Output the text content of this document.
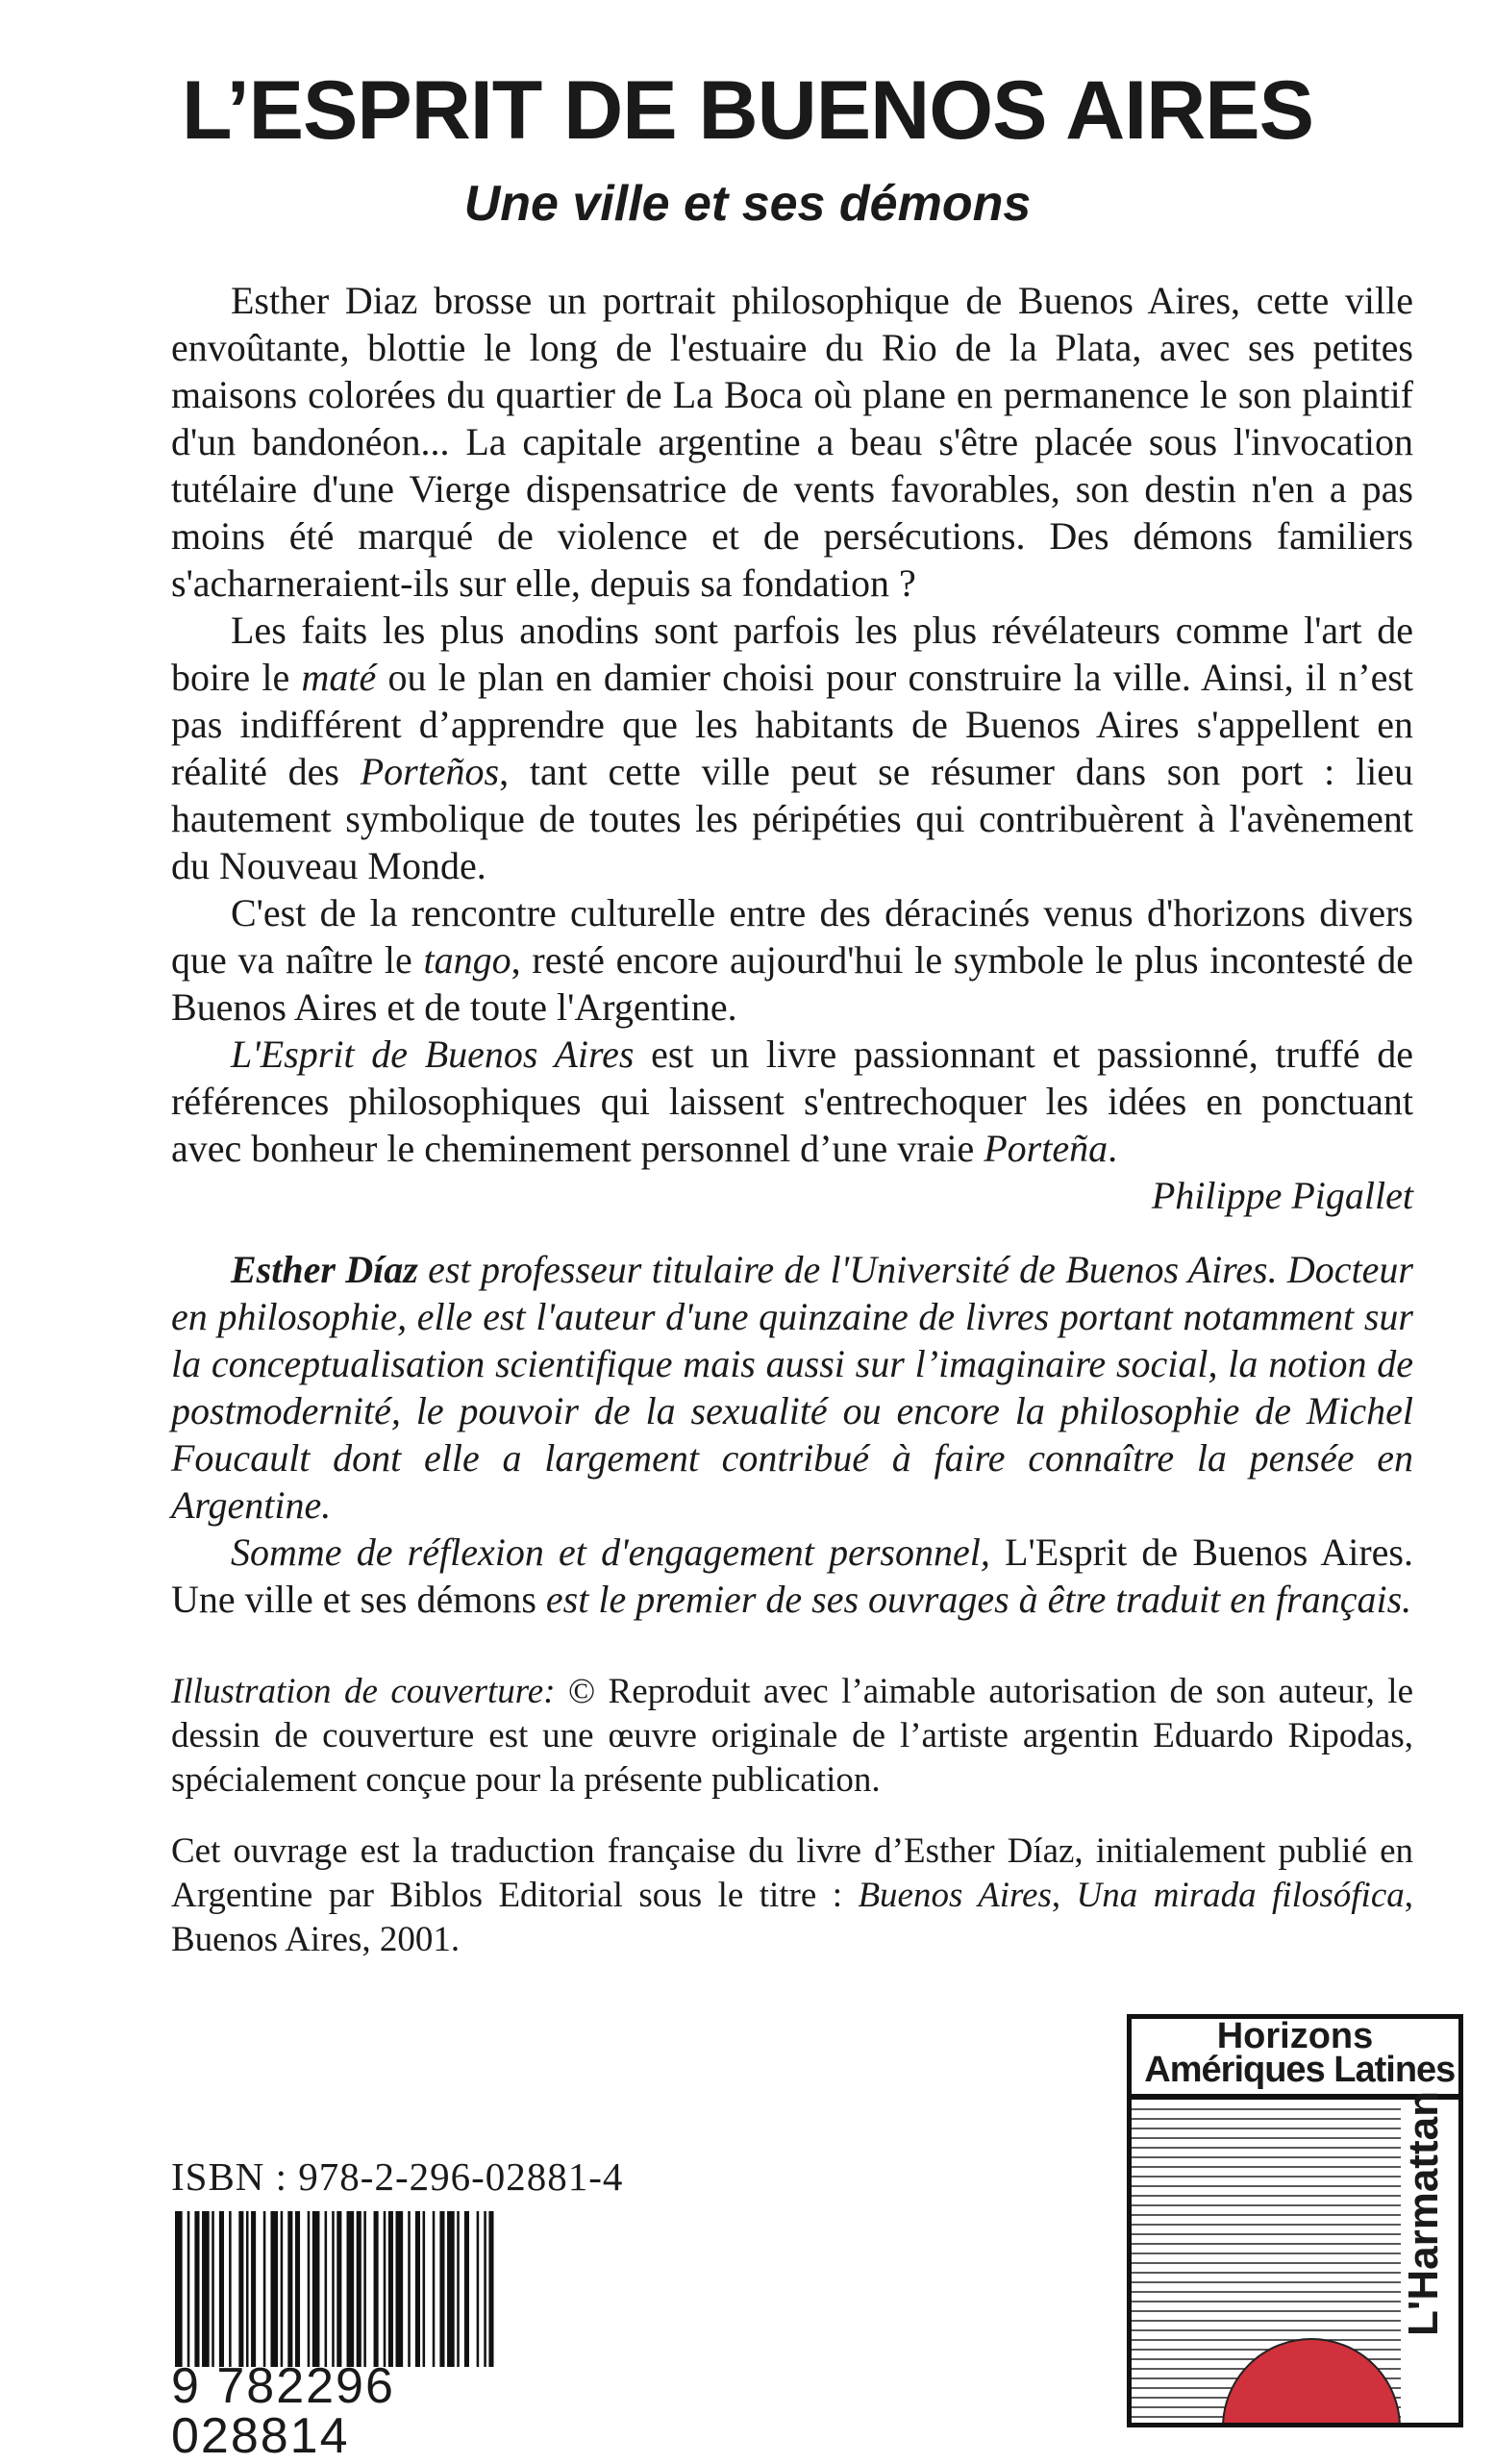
L’ESPRIT DE BUENOS AIRES
Une ville et ses démons

Esther Diaz brosse un portrait philosophique de Buenos Aires, cette ville envoûtante, blottie le long de l'estuaire du Rio de la Plata, avec ses petites maisons colorées du quartier de La Boca où plane en permanence le son plaintif d'un bandonéon... La capitale argentine a beau s'être placée sous l'invocation tutélaire d'une Vierge dispensatrice de vents favorables, son destin n'en a pas moins été marqué de violence et de persécutions. Des démons familiers s'acharneraient-ils sur elle, depuis sa fondation ?

Les faits les plus anodins sont parfois les plus révélateurs comme l'art de boire le maté ou le plan en damier choisi pour construire la ville. Ainsi, il n’est pas indifférent d’apprendre que les habitants de Buenos Aires s'appellent en réalité des Porteños, tant cette ville peut se résumer dans son port : lieu hautement symbolique de toutes les péripéties qui contribuèrent à l'avènement du Nouveau Monde.

C'est de la rencontre culturelle entre des déracinés venus d'horizons divers que va naître le tango, resté encore aujourd'hui le symbole le plus incontesté de Buenos Aires et de toute l'Argentine.

L'Esprit de Buenos Aires est un livre passionnant et passionné, truffé de références philosophiques qui laissent s'entrechoquer les idées en ponctuant avec bonheur le cheminement personnel d’une vraie Porteña.

Philippe Pigallet

Esther Díaz est professeur titulaire de l'Université de Buenos Aires. Docteur en philosophie, elle est l'auteur d'une quinzaine de livres portant notamment sur la conceptualisation scientifique mais aussi sur l’imaginaire social, la notion de postmodernité, le pouvoir de la sexualité ou encore la philosophie de Michel Foucault dont elle a largement contribué à faire connaître la pensée en Argentine.

Somme de réflexion et d'engagement personnel, L'Esprit de Buenos Aires. Une ville et ses démons est le premier de ses ouvrages à être traduit en français.

Illustration de couverture: © Reproduit avec l’aimable autorisation de son auteur, le dessin de couverture est une œuvre originale de l’artiste argentin Eduardo Ripodas, spécialement conçue pour la présente publication.

Cet ouvrage est la traduction française du livre d’Esther Díaz, initialement publié en Argentine par Biblos Editorial sous le titre : Buenos Aires, Una mirada filosófica, Buenos Aires, 2001.

ISBN : 978-2-296-02881-4

9 782296 028814

Horizons

Amériques Latines

L'Harmattan
